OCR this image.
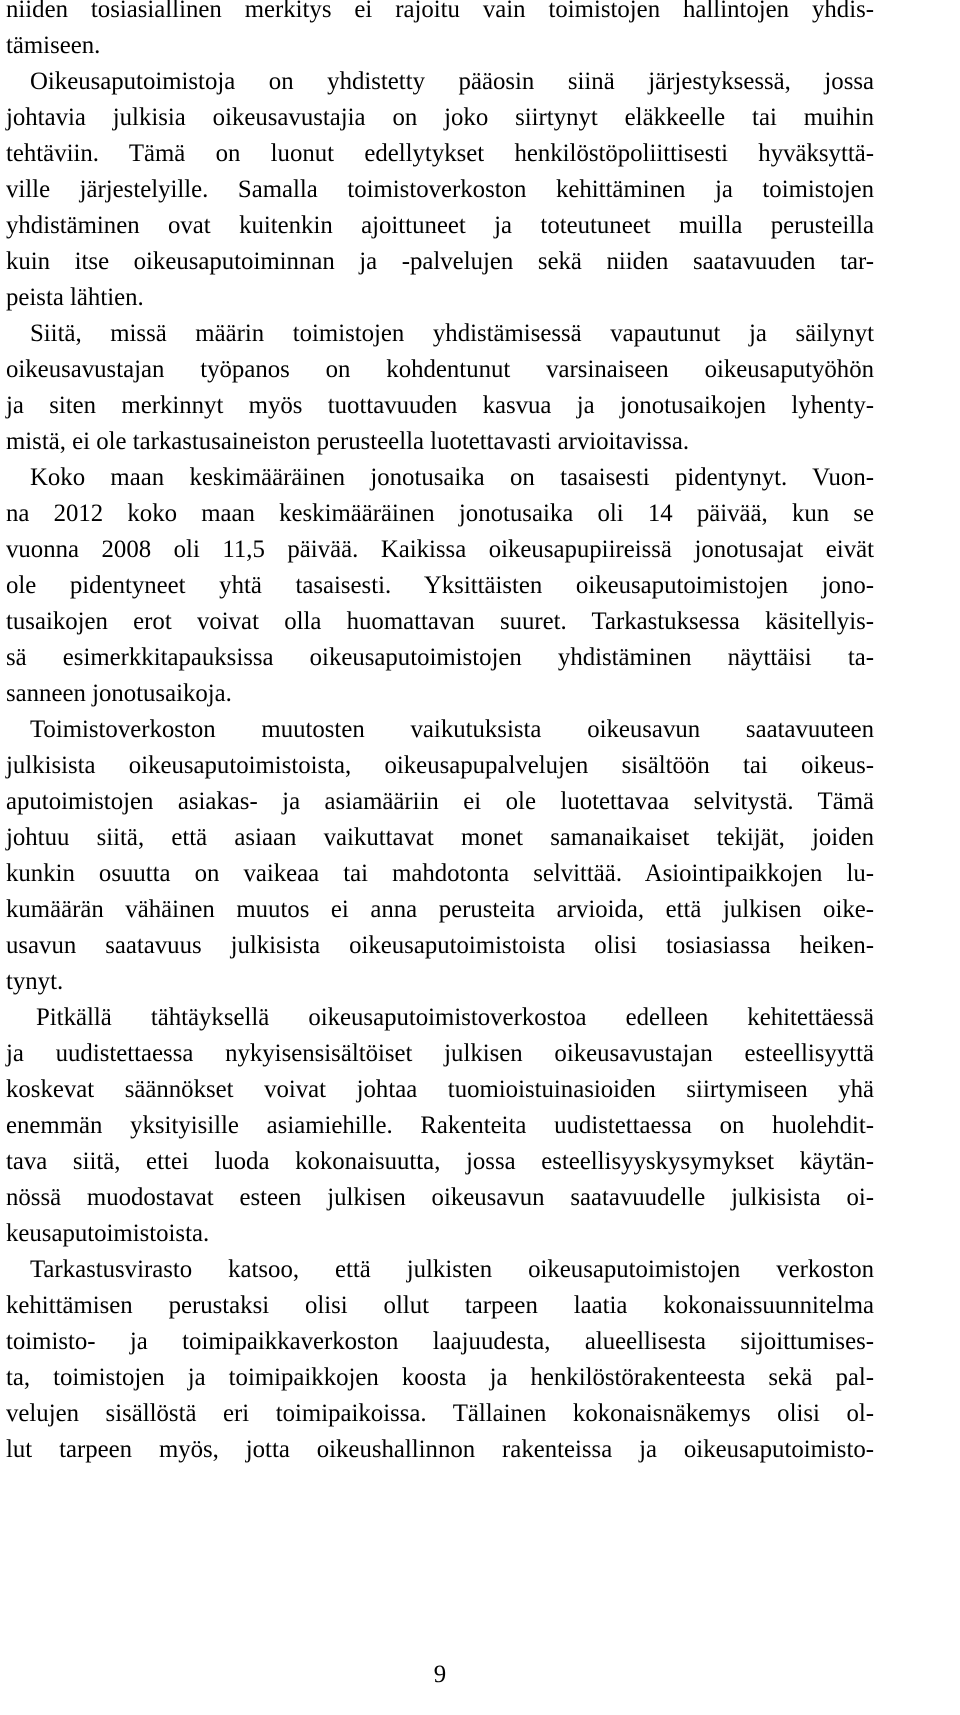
niiden tosiasiallinen merkitys ei rajoitu vain toimistojen hallintojen yhdis-
tämiseen.
Oikeusaputoimistoja on yhdistetty pääosin siinä järjestyksessä, jossa
johtavia julkisia oikeusavustajia on joko siirtynyt eläkkeelle tai muihin
tehtäviin. Tämä on luonut edellytykset henkilöstöpoliittisesti hyväksyttä-
ville järjestelyille. Samalla toimistoverkoston kehittäminen ja toimistojen
yhdistäminen ovat kuitenkin ajoittuneet ja toteutuneet muilla perusteilla
kuin itse oikeusaputoiminnan ja -palvelujen sekä niiden saatavuuden tar-
peista lähtien.
Siitä, missä määrin toimistojen yhdistämisessä vapautunut ja säilynyt
oikeusavustajan työpanos on kohdentunut varsinaiseen oikeusaputyöhön
ja siten merkinnyt myös tuottavuuden kasvua ja jonotusaikojen lyhenty-
mistä, ei ole tarkastusaineiston perusteella luotettavasti arvioitavissa.
Koko maan keskimääräinen jonotusaika on tasaisesti pidentynyt. Vuon-
na 2012 koko maan keskimääräinen jonotusaika oli 14 päivää, kun se
vuonna 2008 oli 11,5 päivää. Kaikissa oikeusapupiireissä jonotusajat eivät
ole pidentyneet yhtä tasaisesti. Yksittäisten oikeusaputoimistojen jono-
tusaikojen erot voivat olla huomattavan suuret. Tarkastuksessa käsitellyis-
sä esimerkkitapauksissa oikeusaputoimistojen yhdistäminen näyttäisi ta-
sanneen jonotusaikoja.
Toimistoverkoston muutosten vaikutuksista oikeusavun saatavuuteen
julkisista oikeusaputoimistoista, oikeusapupalvelujen sisältöön tai oikeus-
aputoimistojen asiakas- ja asiamääriin ei ole luotettavaa selvitystä. Tämä
johtuu siitä, että asiaan vaikuttavat monet samanaikaiset tekijät, joiden
kunkin osuutta on vaikeaa tai mahdotonta selvittää. Asiointipaikkojen lu-
kumäärän vähäinen muutos ei anna perusteita arvioida, että julkisen oike-
usavun saatavuus julkisista oikeusaputoimistoista olisi tosiasiassa heiken-
tynyt.
Pitkällä tähtäyksellä oikeusaputoimistoverkostoa edelleen kehitettäessä
ja uudistettaessa nykyisensisältöiset julkisen oikeusavustajan esteellisyyttä
koskevat säännökset voivat johtaa tuomioistuinasioiden siirtymiseen yhä
enemmän yksityisille asiamiehille. Rakenteita uudistettaessa on huolehdit-
tava siitä, ettei luoda kokonaisuutta, jossa esteellisyyskysymykset käytän-
nössä muodostavat esteen julkisen oikeusavun saatavuudelle julkisista oi-
keusaputoimistoista.
Tarkastusvirasto katsoo, että julkisten oikeusaputoimistojen verkoston
kehittämisen perustaksi olisi ollut tarpeen laatia kokonaissuunnitelma
toimisto- ja toimipaikkaverkoston laajuudesta, alueellisesta sijoittumises-
ta, toimistojen ja toimipaikkojen koosta ja henkilöstörakenteesta sekä pal-
velujen sisällöstä eri toimipaikoissa. Tällainen kokonaisnäkemys olisi ol-
lut tarpeen myös, jotta oikeushallinnon rakenteissa ja oikeusaputoimisto-
9
